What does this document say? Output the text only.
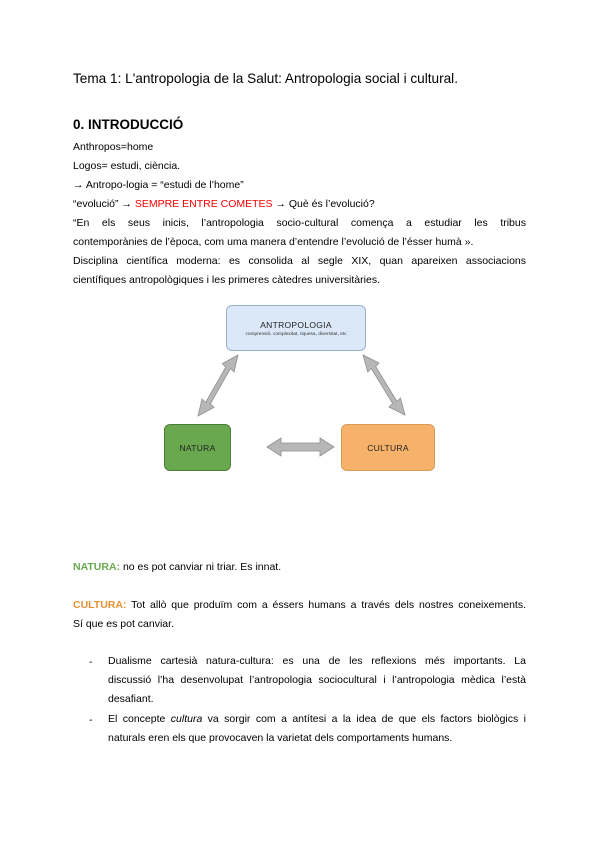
Tema 1: L'antropologia de la Salut: Antropologia social i cultural.
0. INTRODUCCIÓ
Anthropos=home
Logos= estudi, ciència.
→ Antropo-logia = “estudi de l’home”
“evolució” → SEMPRE ENTRE COMETES → Què és l’evolució?
“En els seus inicis, l’antropologia socio-cultural comença a estudiar les tribus
contemporànies de l’època, com uma manera d’entendre l’evolució de l’ésser humà ».
Disciplina científica moderna: es consolida al segle XIX, quan apareixen associacions
científiques antropològiques i les primeres càtedres universitàries.
ANTROPOLOGIA
comprensió, complexitat, riquesa, diversitat, etc
NATURA	CULTURA
NATURA: no es pot canviar ni triar. Es innat.
CULTURA: Tot allò que produïm com a éssers humans a través dels nostres coneixements.
Sí que es pot canviar.
- Dualisme cartesià natura-cultura: es una de les reflexions més importants. La
discussió l’ha desenvolupat l’antropologia sociocultural i l’antropologia mèdica l’està
desafiant.
- El concepte cultura va sorgir com a antítesi a la idea de que els factors biològics i
naturals eren els que provocaven la varietat dels comportaments humans.
